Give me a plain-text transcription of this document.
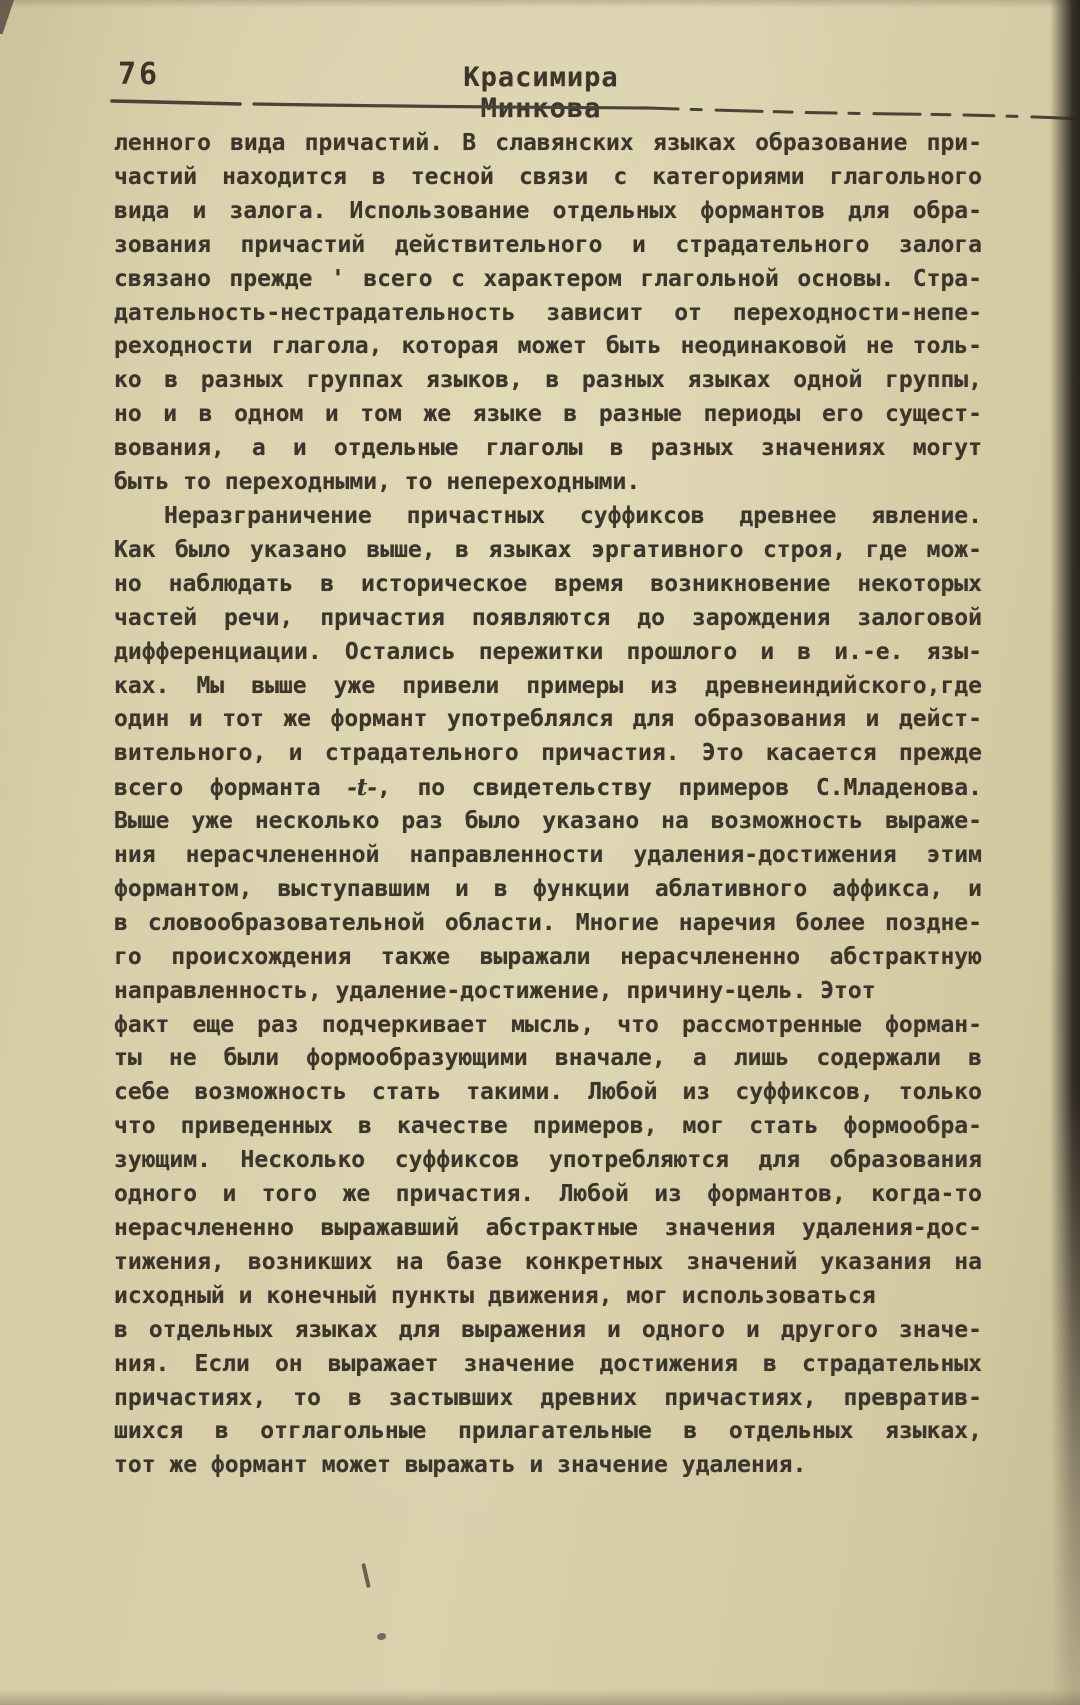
76	Красимира Минкова
ленного вида причастий. В славянских языках образование при-
частий находится в тесной связи с категориями глагольного
вида и залога. Использование отдельных формантов для обра-
зования причастий действительного и страдательного залога
связано прежде ' всего с характером глагольной основы. Стра-
дательность-нестрадательность зависит от переходности-непе-
реходности глагола, которая может быть неодинаковой не толь-
ко в разных группах языков, в разных языках одной группы,
но и в одном и том же языке в разные периоды его сущест-
вования, а и отдельные глаголы в разных значениях могут
быть то переходными, то непереходными.
Неразграничение причастных суффиксов древнее явление.
Как было указано выше, в языках эргативного строя, где мож-
но наблюдать в историческое время возникновение некоторых
частей речи, причастия появляются до зарождения залоговой
дифференциации. Остались пережитки прошлого и в и.-е. язы-
ках. Мы выше уже привели примеры из древнеиндийского,где
один и тот же формант употреблялся для образования и дейст-
вительного, и страдательного причастия. Это касается прежде
всего форманта -t-, по свидетельству примеров С.Младенова.
Выше уже несколько раз было указано на возможность выраже-
ния нерасчлененной направленности удаления-достижения этим
формантом, выступавшим и в функции аблативного аффикса, и
в словообразовательной области. Многие наречия более поздне-
го происхождения также выражали нерасчлененно абстрактную
направленность, удаление-достижение, причину-цель. Этот
факт еще раз подчеркивает мысль, что рассмотренные форман-
ты не были формообразующими вначале, а лишь содержали в
себе возможность стать такими. Любой из суффиксов, только
что приведенных в качестве примеров, мог стать формообра-
зующим. Несколько суффиксов употребляются для образования
одного и того же причастия. Любой из формантов, когда-то
нерасчлененно выражавший абстрактные значения удаления-дос-
тижения, возникших на базе конкретных значений указания на
исходный и конечный пункты движения, мог использоваться
в отдельных языках для выражения и одного и другого значе-
ния. Если он выражает значение достижения в страдательных
причастиях, то в застывших древних причастиях, превратив-
шихся в отглагольные прилагательные в отдельных языках,
тот же формант может выражать и значение удаления.
